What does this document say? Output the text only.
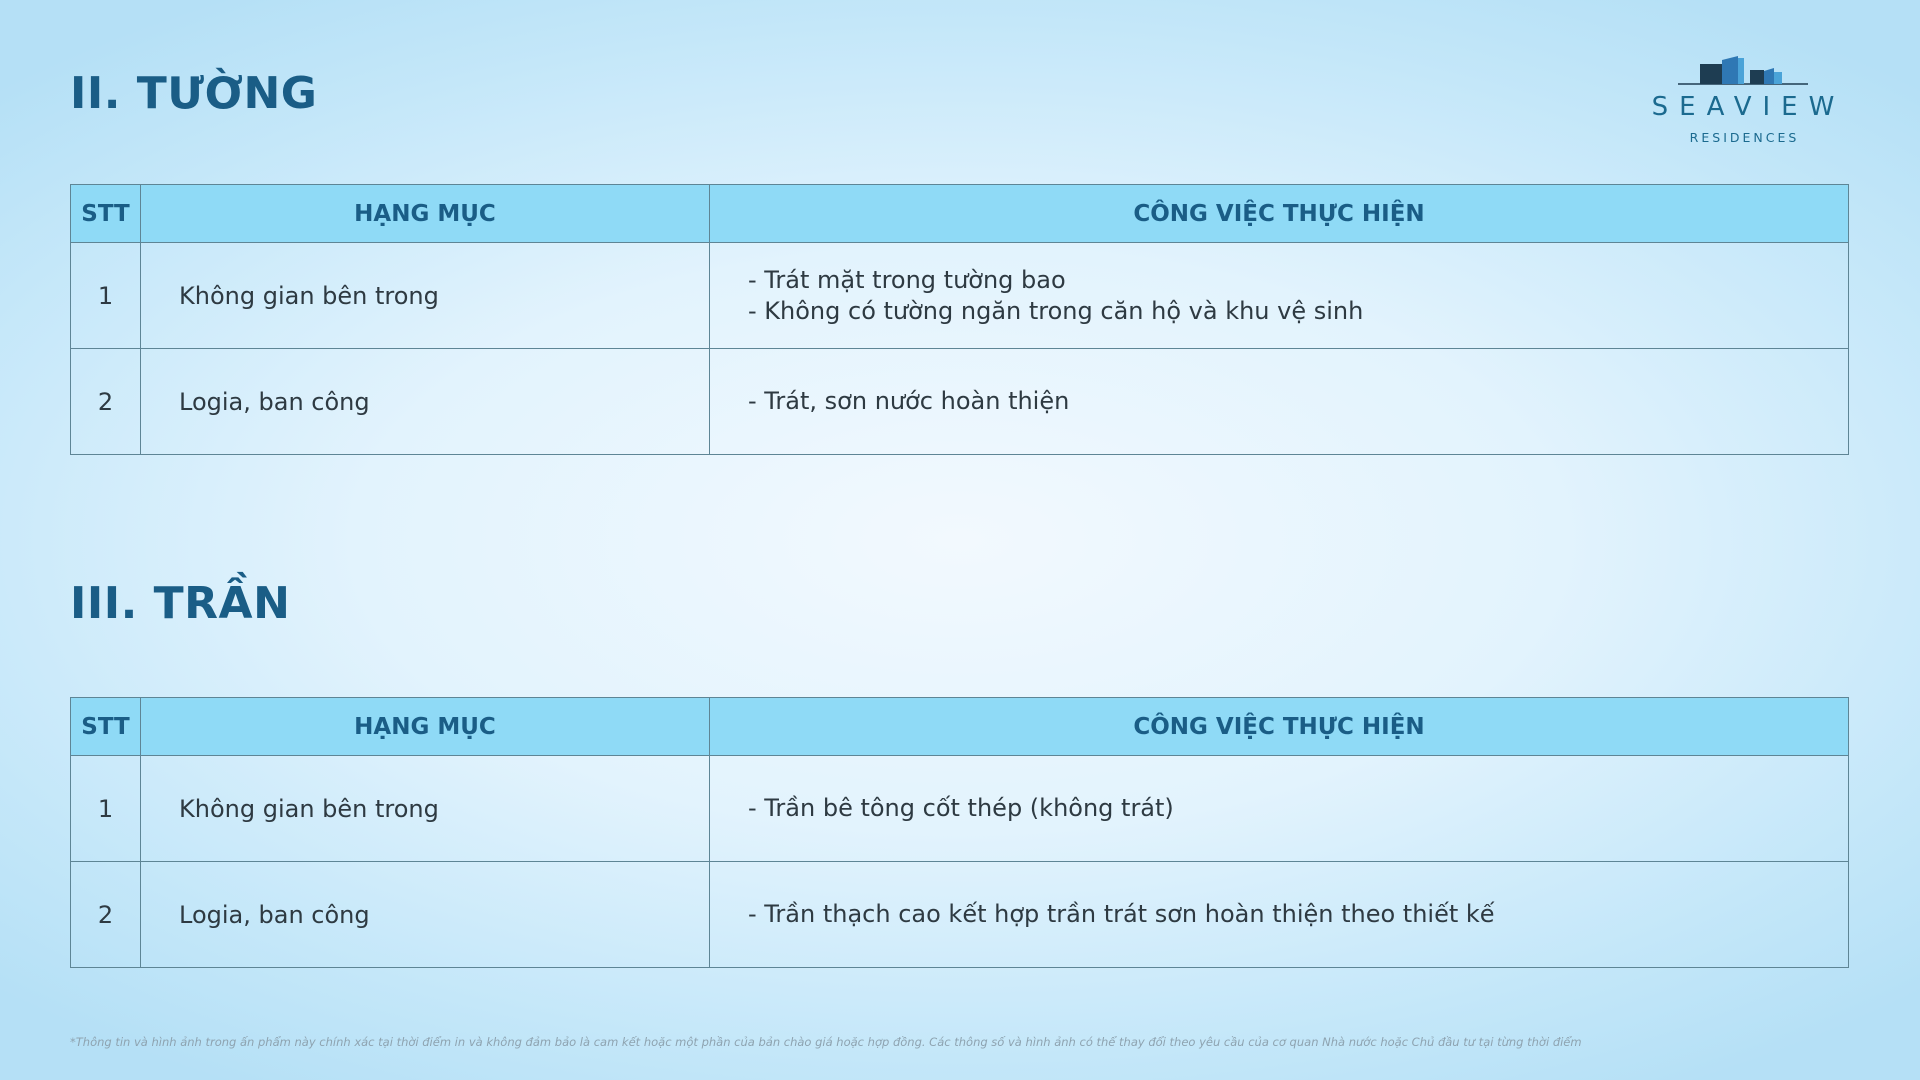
II. TƯỜNG	SEAVIEW
RESIDENCES
STT	HẠNG MỤC	CÔNG VIỆC THỰC HIỆN
1	Không gian bên trong	- Trát mặt trong tường bao
- Không có tường ngăn trong căn hộ và khu vệ sinh

2	Logia, ban công	- Trát, sơn nước hoàn thiện
III. TRẦN
STT	HẠNG MỤC	CÔNG VIỆC THỰC HIỆN
1	Không gian bên trong	- Trần bê tông cốt thép (không trát)

2	Logia, ban công	- Trần thạch cao kết hợp trần trát sơn hoàn thiện theo thiết kế

*Thông tin và hình ảnh trong ấn phẩm này chính xác tại thời điểm in và không đảm bảo là cam kết hoặc một phần của bản chào giá hoặc hợp đồng. Các thông số và hình ảnh có thể thay đổi theo yêu cầu của cơ quan Nhà nước hoặc Chủ đầu tư tại từng thời điểm
